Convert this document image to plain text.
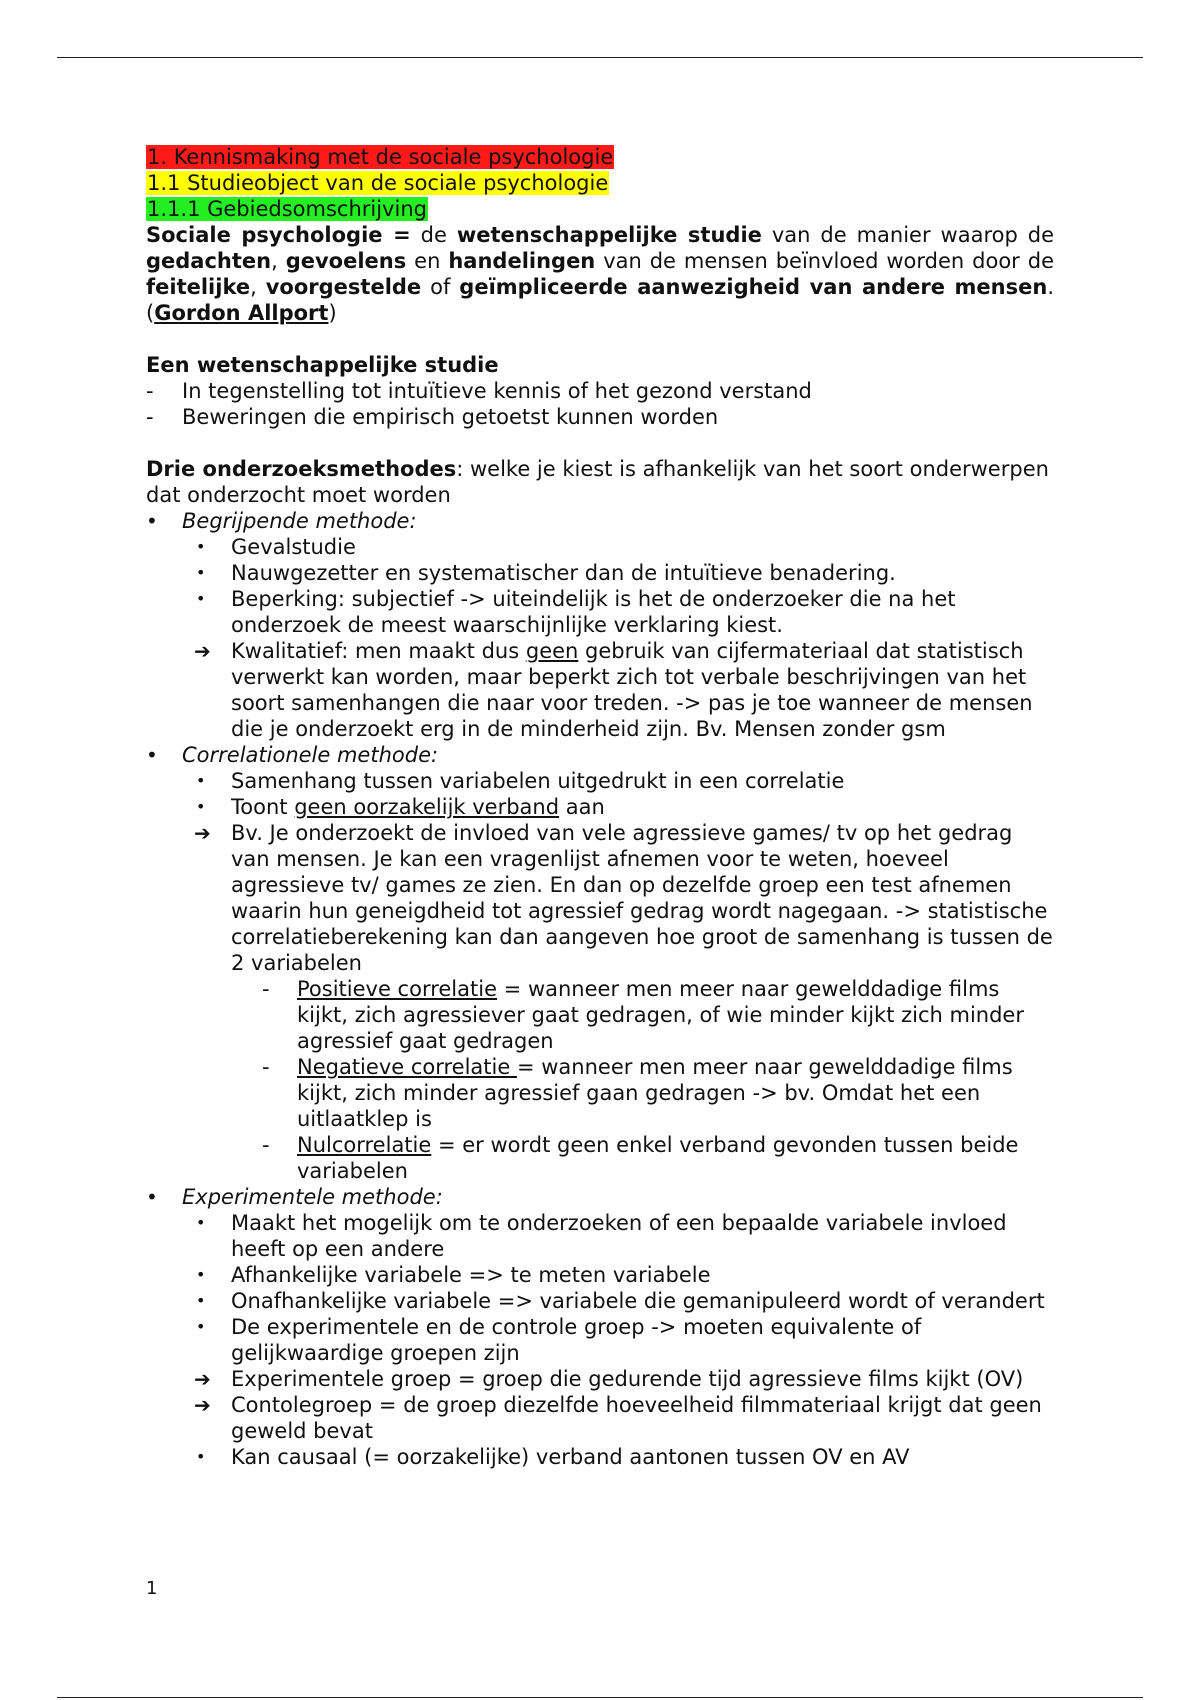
1. Kennismaking met de sociale psychologie
1.1 Studieobject van de sociale psychologie
1.1.1 Gebiedsomschrijving
Sociale psychologie = de wetenschappelijke studie van de manier waarop de gedachten, gevoelens en handelingen van de mensen beïnvloed worden door de feitelijke, voorgestelde of geïmpliceerde aanwezigheid van andere mensen. (Gordon Allport)
Een wetenschappelijke studie
- In tegenstelling tot intuïtieve kennis of het gezond verstand
- Beweringen die empirisch getoetst kunnen worden
Drie onderzoeksmethodes: welke je kiest is afhankelijk van het soort onderwerpen dat onderzocht moet worden
• Begrijpende methode:
• Gevalstudie
• Nauwgezetter en systematischer dan de intuïtieve benadering.
• Beperking: subjectief -> uiteindelijk is het de onderzoeker die na het onderzoek de meest waarschijnlijke verklaring kiest.
➔ Kwalitatief: men maakt dus geen gebruik van cijfermateriaal dat statistisch verwerkt kan worden, maar beperkt zich tot verbale beschrijvingen van het soort samenhangen die naar voor treden. -> pas je toe wanneer de mensen die je onderzoekt erg in de minderheid zijn. Bv. Mensen zonder gsm
• Correlationele methode:
• Samenhang tussen variabelen uitgedrukt in een correlatie
• Toont geen oorzakelijk verband aan
➔ Bv. Je onderzoekt de invloed van vele agressieve games/ tv op het gedrag van mensen. Je kan een vragenlijst afnemen voor te weten, hoeveel agressieve tv/ games ze zien. En dan op dezelfde groep een test afnemen waarin hun geneigdheid tot agressief gedrag wordt nagegaan. -> statistische correlatieberekening kan dan aangeven hoe groot de samenhang is tussen de 2 variabelen
- Positieve correlatie = wanneer men meer naar gewelddadige films kijkt, zich agressiever gaat gedragen, of wie minder kijkt zich minder agressief gaat gedragen
- Negatieve correlatie = wanneer men meer naar gewelddadige films kijkt, zich minder agressief gaan gedragen -> bv. Omdat het een uitlaatklep is
- Nulcorrelatie = er wordt geen enkel verband gevonden tussen beide variabelen
• Experimentele methode:
• Maakt het mogelijk om te onderzoeken of een bepaalde variabele invloed heeft op een andere
• Afhankelijke variabele => te meten variabele
• Onafhankelijke variabele => variabele die gemanipuleerd wordt of verandert
• De experimentele en de controle groep -> moeten equivalente of gelijkwaardige groepen zijn
➔ Experimentele groep = groep die gedurende tijd agressieve films kijkt (OV)
➔ Contolegroep = de groep diezelfde hoeveelheid filmmateriaal krijgt dat geen geweld bevat
• Kan causaal (= oorzakelijke) verband aantonen tussen OV en AV
1
